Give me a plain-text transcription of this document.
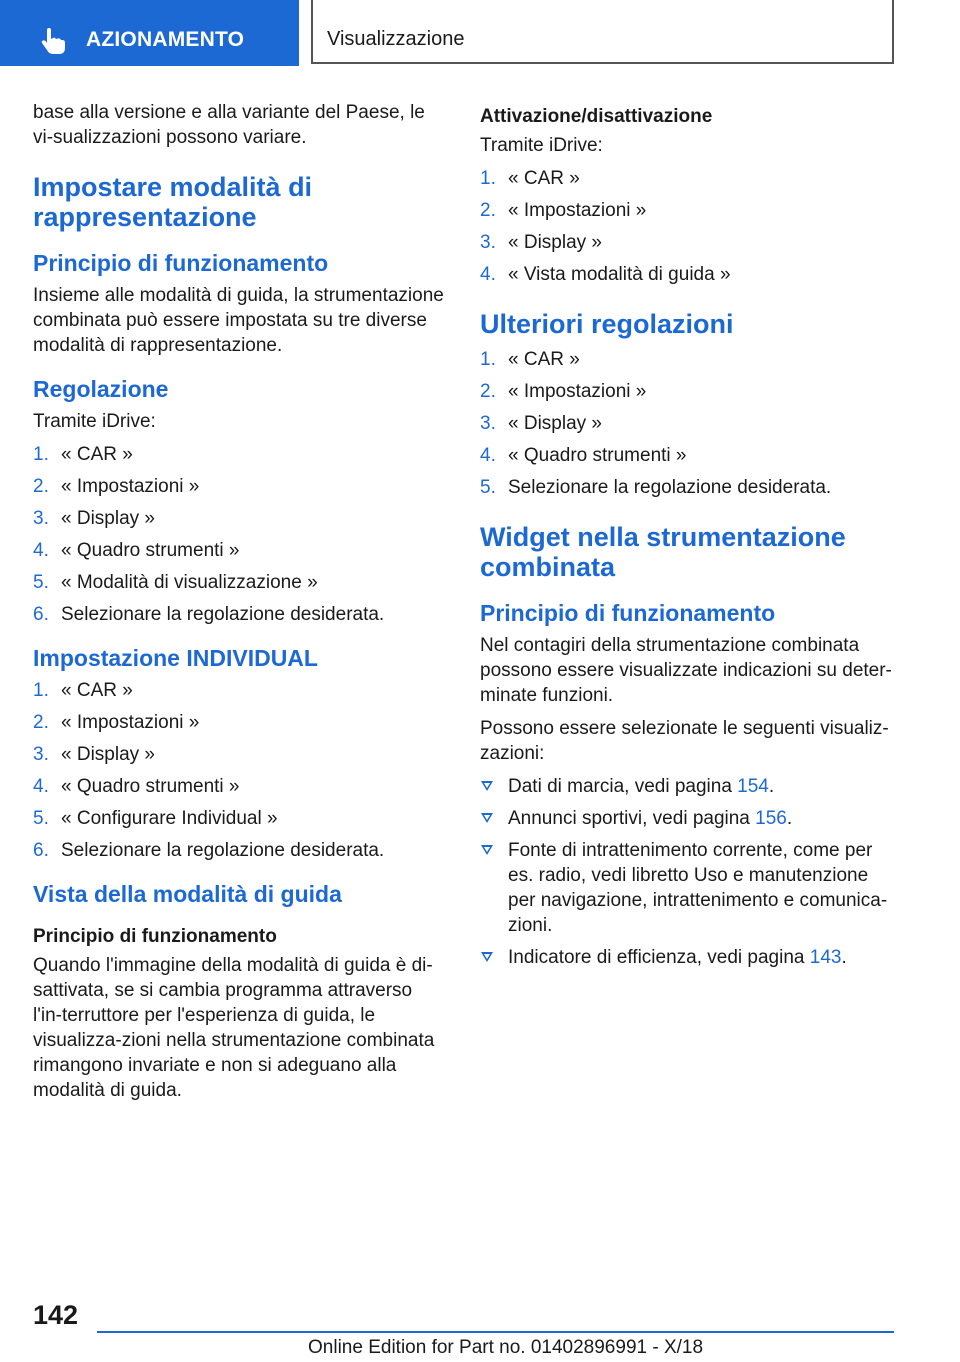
AZIONAMENTO	Visualizzazione

base alla versione e alla variante del Paese, le vi-sualizzazioni possono variare.

Impostare modalità di rappresentazione
Principio di funzionamento

Insieme alle modalità di guida, la strumentazione combinata può essere impostata su tre diverse modalità di rappresentazione.

Regolazione

Tramite iDrive:

1. « CAR »
2. « Impostazioni »
3. « Display »
4. « Quadro strumenti »
5. « Modalità di visualizzazione »
6. Selezionare la regolazione desiderata.
Impostazione INDIVIDUAL
1. « CAR »
2. « Impostazioni »
3. « Display »
4. « Quadro strumenti »
5. « Configurare Individual »
6. Selezionare la regolazione desiderata.
Vista della modalità di guida
Principio di funzionamento

Quando l'immagine della modalità di guida è di-sattivata, se si cambia programma attraverso l'in-terruttore per l'esperienza di guida, le visualizza-zioni nella strumentazione combinata rimangono invariate e non si adeguano alla modalità di guida.

Attivazione/disattivazione

Tramite iDrive:

1. « CAR »
2. « Impostazioni »
3. « Display »
4. « Vista modalità di guida »
Ulteriori regolazioni
1. « CAR »
2. « Impostazioni »
3. « Display »
4. « Quadro strumenti »
5. Selezionare la regolazione desiderata.
Widget nella strumentazione combinata
Principio di funzionamento

Nel contagiri della strumentazione combinata possono essere visualizzate indicazioni su deter-minate funzioni.

Possono essere selezionate le seguenti visualiz-zazioni:

Dati di marcia, vedi pagina 154.
Annunci sportivi, vedi pagina 156.
Fonte di intrattenimento corrente, come per es. radio, vedi libretto Uso e manutenzione per navigazione, intrattenimento e comunica-zioni.
Indicatore di efficienza, vedi pagina 143.
142
Online Edition for Part no. 01402896991 - X/18
